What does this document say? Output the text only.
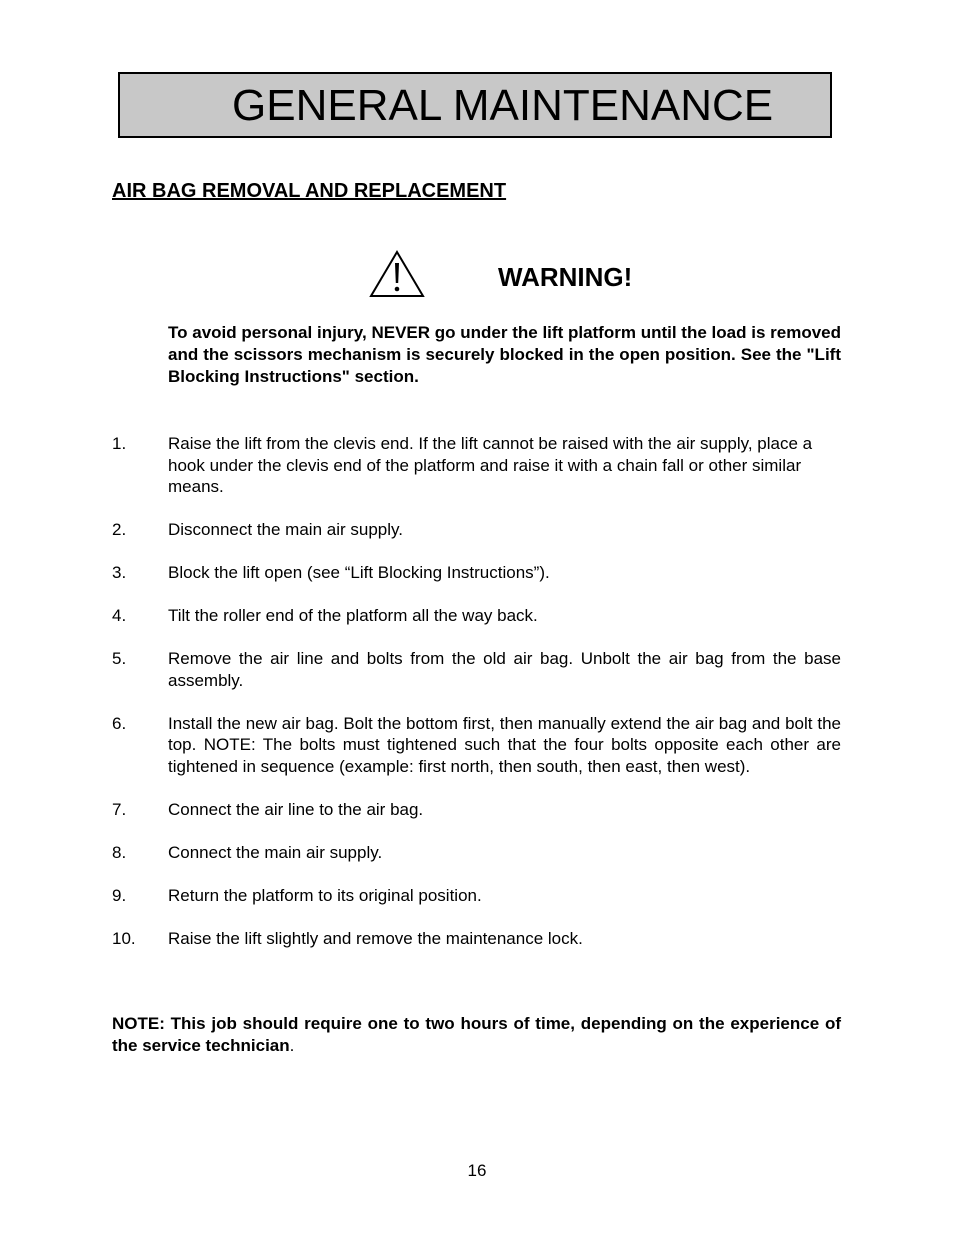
GENERAL MAINTENANCE
AIR BAG REMOVAL AND REPLACEMENT
WARNING!

To avoid personal injury, NEVER go under the lift platform until the load is removed and the scissors mechanism is securely blocked in the open position. See the "Lift Blocking Instructions" section.

1. Raise the lift from the clevis end. If the lift cannot be raised with the air supply, place a hook under the clevis end of the platform and raise it with a chain fall or other similar means.
2. Disconnect the main air supply.
3. Block the lift open (see “Lift Blocking Instructions”).
4. Tilt the roller end of the platform all the way back.
5. Remove the air line and bolts from the old air bag. Unbolt the air bag from the base assembly.
6. Install the new air bag. Bolt the bottom first, then manually extend the air bag and bolt the top. NOTE: The bolts must tightened such that the four bolts opposite each other are tightened in sequence (example: first north, then south, then east, then west).
7. Connect the air line to the air bag.
8. Connect the main air supply.
9. Return the platform to its original position.
10. Raise the lift slightly and remove the maintenance lock.

NOTE: This job should require one to two hours of time, depending on the experience of the service technician.

16
